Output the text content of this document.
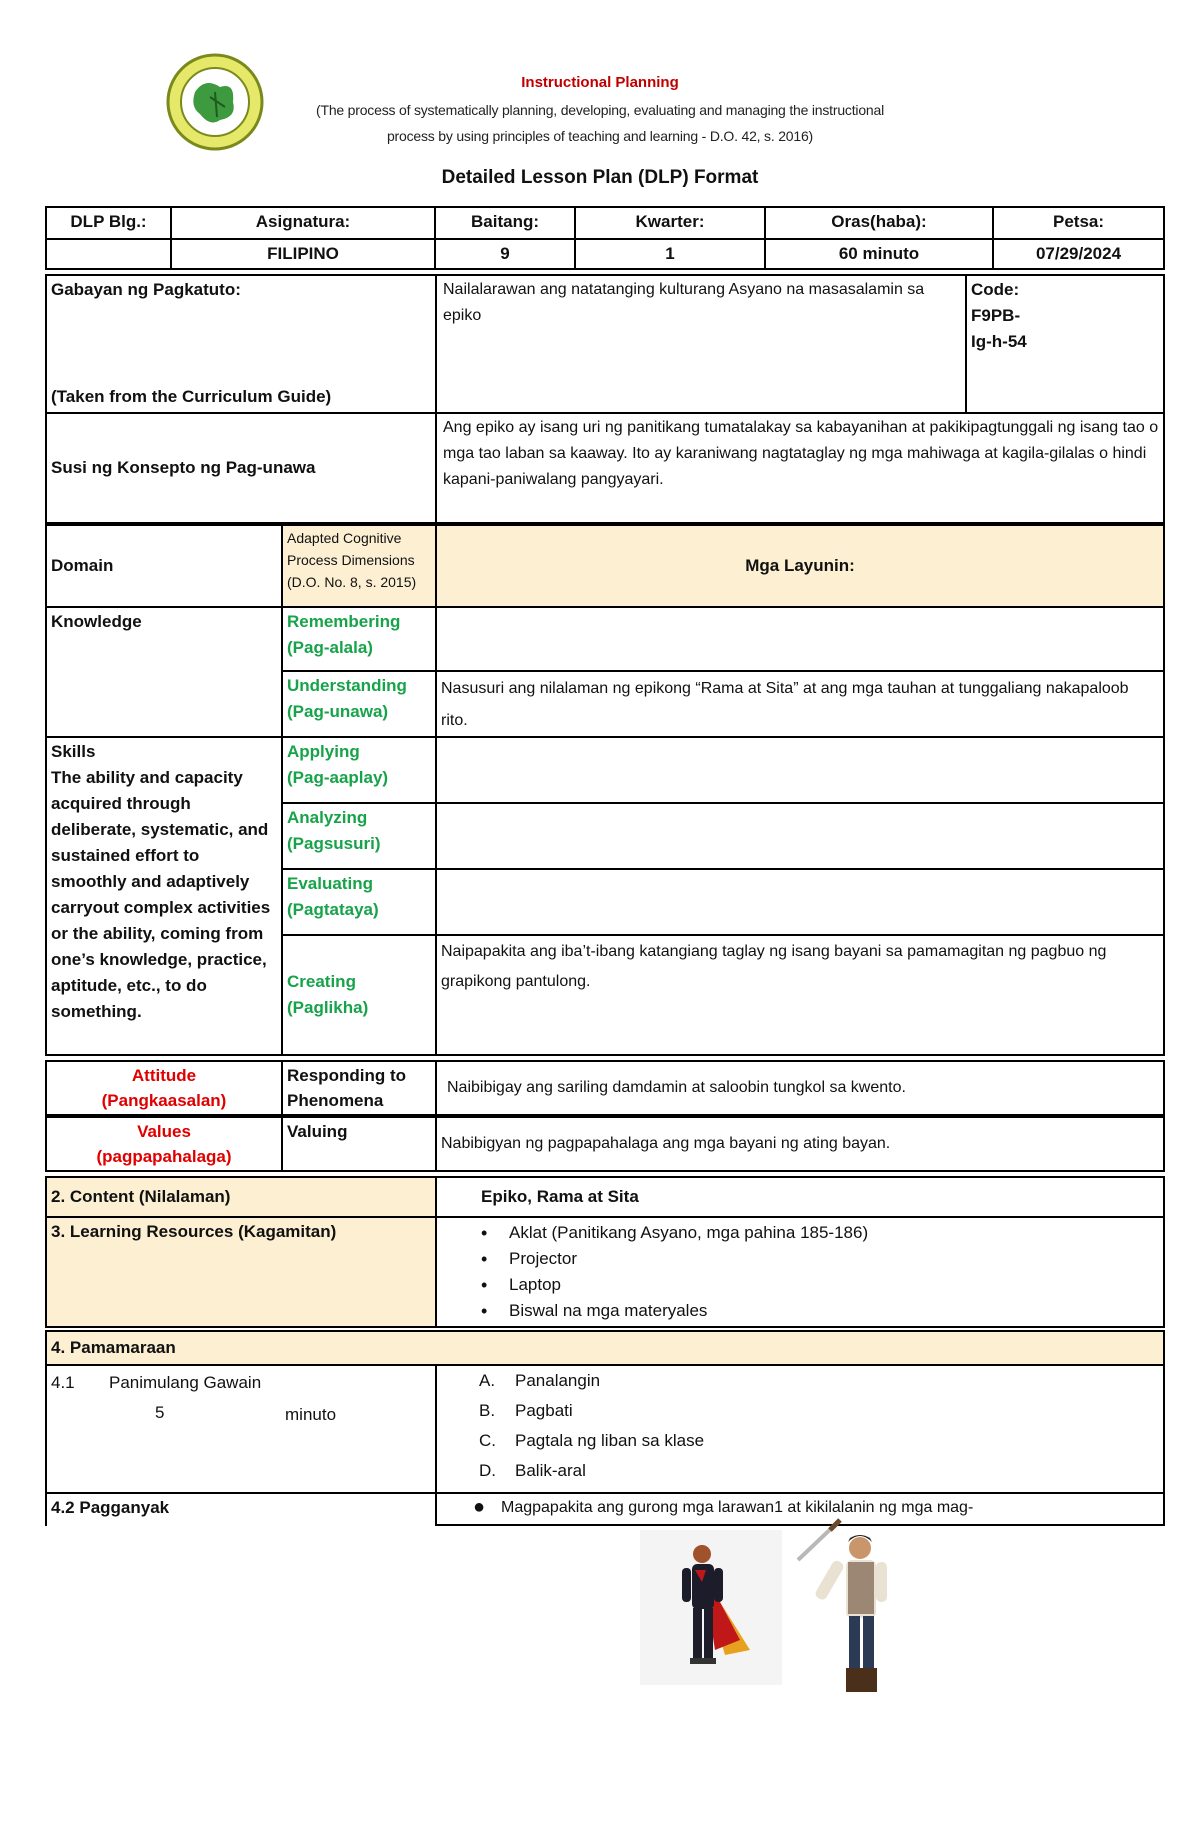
Instructional Planning
(The process of systematically planning, developing, evaluating and managing the instructional
process by using principles of teaching and learning - D.O. 42, s. 2016)
Detailed Lesson Plan (DLP) Format
DLP Blg.:	Asignatura:	Baitang:	Kwarter:	Oras(haba):	Petsa:
FILIPINO	9	1	60 minuto	07/29/2024
Gabayan ng Pagkatuto:
(Taken from the Curriculum Guide)
Nailalarawan ang natatanging kulturang Asyano na masasalamin sa epiko
Code:
F9PB-
Ig-h-54
Susi ng Konsepto ng Pag-unawa
Ang epiko ay isang uri ng panitikang tumatalakay sa kabayanihan at pakikipagtunggali ng isang tao o mga tao laban sa kaaway. Ito ay karaniwang nagtataglay ng mga mahiwaga at kagila-gilalas o hindi kapani-paniwalang pangyayari.
Domain
Adapted Cognitive
Process Dimensions
(D.O. No. 8, s. 2015)
Mga Layunin:
Knowledge	Remembering
(Pag-alala)
Understanding
(Pag-unawa)
Nasusuri ang nilalaman ng epikong “Rama at Sita” at ang mga tauhan at tunggaliang nakapaloob rito.
Skills
The ability and capacity acquired through deliberate, systematic, and sustained effort to smoothly and adaptively carryout complex activities or the ability, coming from one’s knowledge, practice, aptitude, etc., to do something.
Applying
(Pag-aaplay)
Analyzing
(Pagsusuri)
Evaluating
(Pagtataya)
Creating
(Paglikha)
Naipapakita ang iba’t-ibang katangiang taglay ng isang bayani sa pamamagitan ng pagbuo ng grapikong pantulong.
Attitude
(Pangkaasalan)
Responding to Phenomena
Naibibigay ang sariling damdamin at saloobin tungkol sa kwento.
Values
(pagpapahalaga)
Valuing
Nabibigyan ng pagpapahalaga ang mga bayani ng ating bayan.
2. Content (Nilalaman)	Epiko, Rama at Sita
3. Learning Resources (Kagamitan)
•	Aklat (Panitikang Asyano, mga pahina 185-186)
• Projector
• Laptop
• Biswal na mga materyales
4. Pamamaraan
4.1 Panimulang Gawain
5	minuto
A. Panalangin
B. Pagbati
C. Pagtala ng liban sa klase
D. Balik-aral
4.2 Pagganyak	● Magpapakita ang gurong mga larawan1 at kikilalanin ng mga mag-
